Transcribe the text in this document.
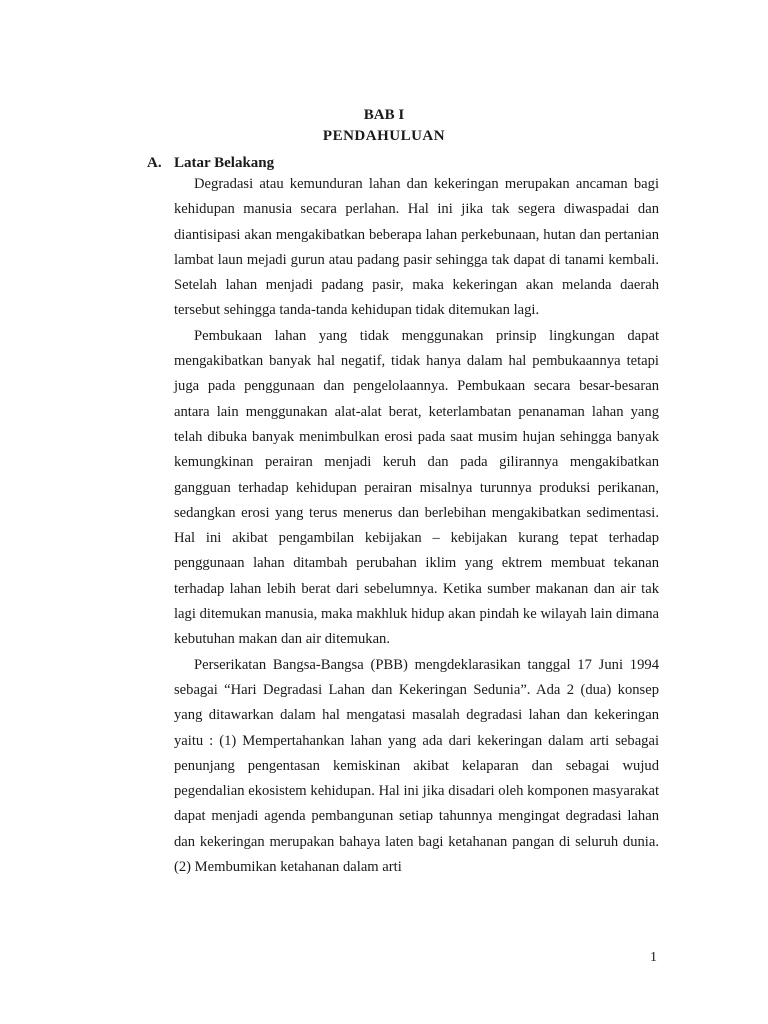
BAB I
PENDAHULUAN
A. Latar Belakang

Degradasi atau kemunduran lahan dan kekeringan merupakan ancaman bagi kehidupan manusia secara perlahan. Hal ini jika tak segera diwaspadai dan diantisipasi akan mengakibatkan beberapa lahan perkebunaan, hutan dan pertanian lambat laun mejadi gurun atau padang pasir sehingga tak dapat di tanami kembali. Setelah lahan menjadi padang pasir, maka kekeringan akan melanda daerah tersebut sehingga tanda-tanda kehidupan tidak ditemukan lagi.

Pembukaan lahan yang tidak menggunakan prinsip lingkungan dapat mengakibatkan banyak hal negatif, tidak hanya dalam hal pembukaannya tetapi juga pada penggunaan dan pengelolaannya. Pembukaan secara besar-besaran antara lain menggunakan alat-alat berat, keterlambatan penanaman lahan yang telah dibuka banyak menimbulkan erosi pada saat musim hujan sehingga banyak kemungkinan perairan menjadi keruh dan pada gilirannya mengakibatkan gangguan terhadap kehidupan perairan misalnya turunnya produksi perikanan, sedangkan erosi yang terus menerus dan berlebihan mengakibatkan sedimentasi. Hal ini akibat pengambilan kebijakan – kebijakan kurang tepat terhadap penggunaan lahan ditambah perubahan iklim yang ektrem membuat tekanan terhadap lahan lebih berat dari sebelumnya. Ketika sumber makanan dan air tak lagi ditemukan manusia, maka makhluk hidup akan pindah ke wilayah lain dimana kebutuhan makan dan air ditemukan.

Perserikatan Bangsa-Bangsa (PBB) mengdeklarasikan tanggal 17 Juni 1994 sebagai “Hari Degradasi Lahan dan Kekeringan Sedunia”. Ada 2 (dua) konsep yang ditawarkan dalam hal mengatasi masalah degradasi lahan dan kekeringan yaitu : (1) Mempertahankan lahan yang ada dari kekeringan dalam arti sebagai penunjang pengentasan kemiskinan akibat kelaparan dan sebagai wujud pegendalian ekosistem kehidupan. Hal ini jika disadari oleh komponen masyarakat dapat menjadi agenda pembangunan setiap tahunnya mengingat degradasi lahan dan kekeringan merupakan bahaya laten bagi ketahanan pangan di seluruh dunia. (2) Membumikan ketahanan dalam arti

1
